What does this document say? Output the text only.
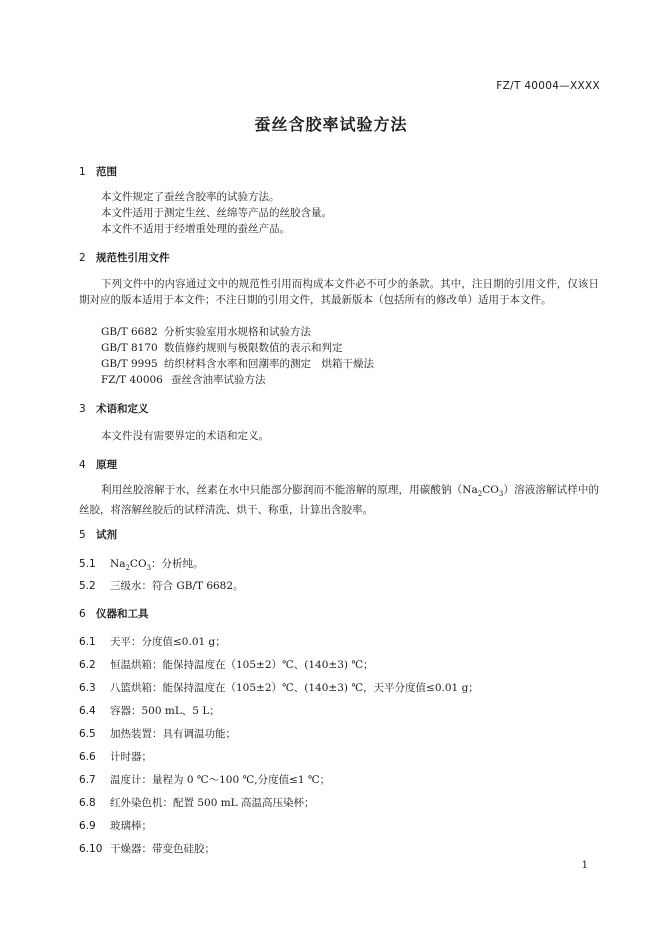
FZ/T 40004—XXXX
蚕丝含胶率试验方法
1 范围
本文件规定了蚕丝含胶率的试验方法。
本文件适用于测定生丝、丝绵等产品的丝胶含量。
本文件不适用于经增重处理的蚕丝产品。
2 规范性引用文件
下列文件中的内容通过文中的规范性引用而构成本文件必不可少的条款。其中，注日期的引用文件，仅该日期对应的版本适用于本文件；不注日期的引用文件，其最新版本（包括所有的修改单）适用于本文件。
GB/T 6682 分析实验室用水规格和试验方法
GB/T 8170 数值修约规则与极限数值的表示和判定
GB/T 9995 纺织材料含水率和回潮率的测定　烘箱干燥法
FZ/T 40006 蚕丝含油率试验方法
3 术语和定义
本文件没有需要界定的术语和定义。
4 原理
利用丝胶溶解于水，丝素在水中只能部分膨润而不能溶解的原理，用碳酸钠$(Na_2CO_3)$溶液溶解试样中的丝胶，将溶解丝胶后的试样清洗、烘干、称重，计算出含胶率。
5 试剂
5.1 $Na_2CO_3$：分析纯。
5.2 三级水：符合 GB/T 6682。
6 仪器和工具
6.1 天平：分度值≤0.01 g；
6.2 恒温烘箱：能保持温度在（105±2）℃、(140±3) ℃；
6.3 八篮烘箱：能保持温度在（105±2）℃、(140±3) ℃，天平分度值≤0.01 g；
6.4 容器：500 mL、5 L；
6.5 加热装置：具有调温功能；
6.6 计时器；
6.7 温度计：量程为 0 ℃～100 ℃,分度值≤1 ℃；
6.8 红外染色机：配置 500 mL 高温高压染杯；
6.9 玻璃棒；
6.10 干燥器：带变色硅胶；
1
